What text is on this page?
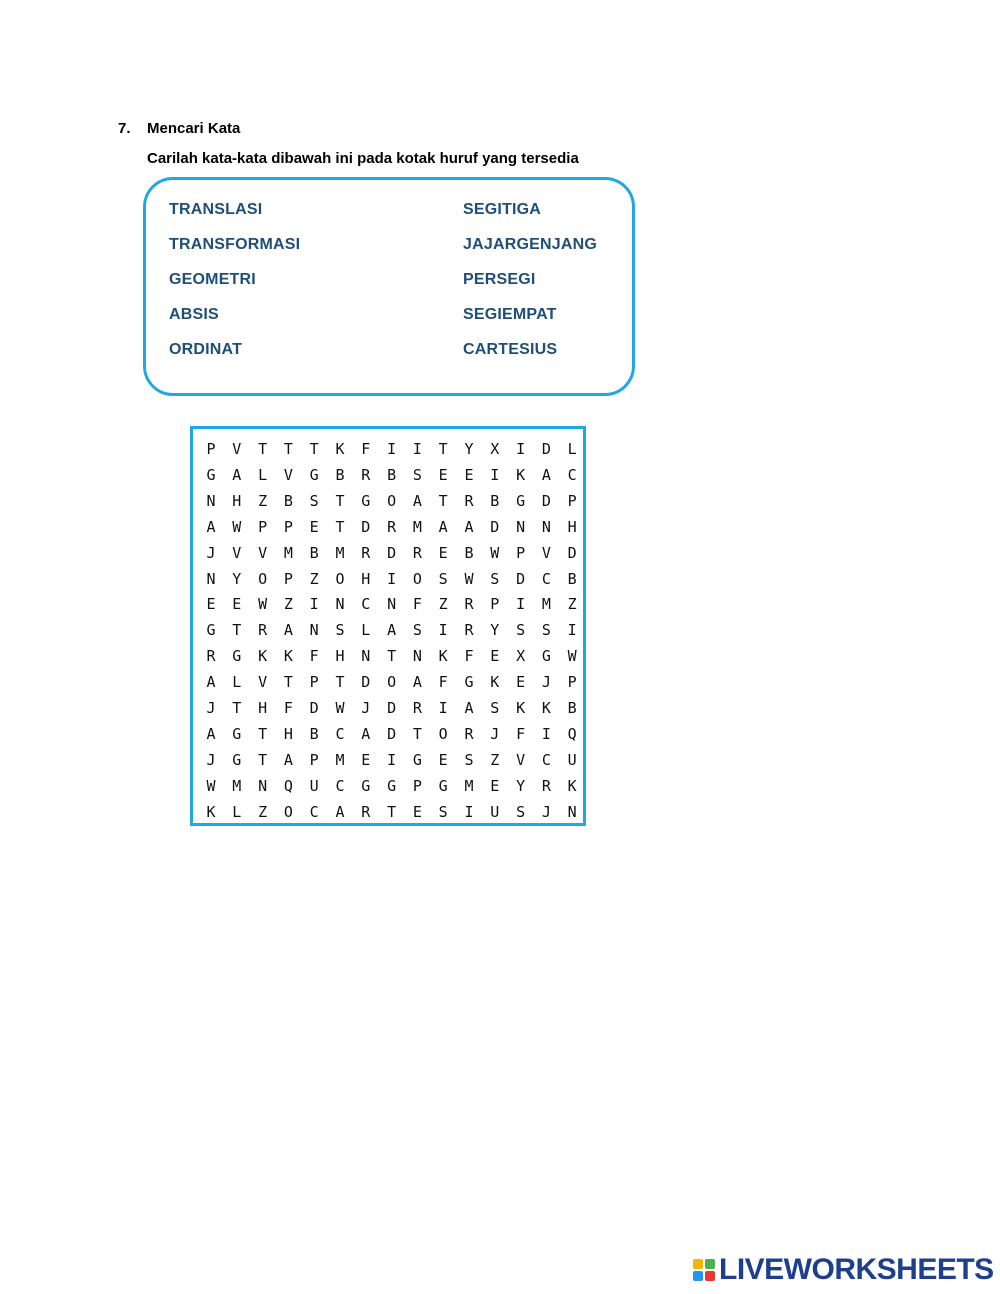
7. Mencari Kata
Carilah kata-kata dibawah ini pada kotak huruf yang tersedia
TRANSLASI
TRANSFORMASI
GEOMETRI
ABSIS
ORDINAT
SEGITIGA
JAJARGENJANG
PERSEGI
SEGIEMPAT
CARTESIUS
P	V	T	T	T	K	F	I	I	T	Y	X	I	D	L
G	A	L	V	G	B	R	B	S	E	E	I	K	A	C
N	H	Z	B	S	T	G	O	A	T	R	B	G	D	P
A	W	P	P	E	T	D	R	M	A	A	D	N	N	H
J	V	V	M	B	M	R	D	R	E	B	W	P	V	D
N	Y	O	P	Z	O	H	I	O	S	W	S	D	C	B
E	E	W	Z	I	N	C	N	F	Z	R	P	I	M	Z
G	T	R	A	N	S	L	A	S	I	R	Y	S	S	I
R	G	K	K	F	H	N	T	N	K	F	E	X	G	W
A	L	V	T	P	T	D	O	A	F	G	K	E	J	P
J	T	H	F	D	W	J	D	R	I	A	S	K	K	B
A	G	T	H	B	C	A	D	T	O	R	J	F	I	Q
J	G	T	A	P	M	E	I	G	E	S	Z	V	C	U
W	M	N	Q	U	C	G	G	P	G	M	E	Y	R	K
K	L	Z	O	C	A	R	T	E	S	I	U	S	J	N
LIVEWORKSHEETS
